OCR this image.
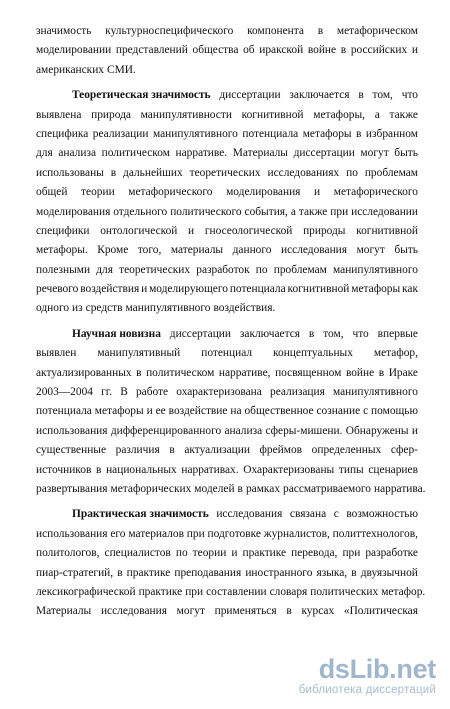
значимость культурноспецифического компонента в метафорическом
моделировании представлений общества об иракской войне в российских и
американских СМИ.
Теоретическая значимость диссертации заключается в том, что
выявлена природа манипулятивности когнитивной метафоры, а также
специфика реализации манипулятивного потенциала метафоры в избранном
для анализа политическом нарративе. Материалы диссертации могут быть
использованы в дальнейших теоретических исследованиях по проблемам
общей теории метафорического моделирования и метафорического
моделирования отдельного политического события, а также при исследовании
специфики онтологической и гносеологической природы когнитивной
метафоры. Кроме того, материалы данного исследования могут быть
полезными для теоретических разработок по проблемам манипулятивного
речевого воздействия и моделирующего потенциала когнитивной метафоры как
одного из средств манипулятивного воздействия.
Научная новизна диссертации заключается в том, что впервые
выявлен манипулятивный потенциал концептуальных метафор,
актуализированных в политическом нарративе, посвященном войне в Ираке
2003—2004 гг. В работе охарактеризована реализация манипулятивного
потенциала метафоры и ее воздействие на общественное сознание с помощью
использования дифференцированного анализа сферы-мишени. Обнаружены и
существенные различия в актуализации фреймов определенных сфер-
источников в национальных нарративах. Охарактеризованы типы сценариев
развертывания метафорических моделей в рамках рассматриваемого нарратива.
Практическая значимость исследования связана с возможностью
использования его материалов при подготовке журналистов, политтехнологов,
политологов, специалистов по теории и практике перевода, при разработке
пиар-стратегий, в практике преподавания иностранного языка, в двуязычной
лексикографической практике при составлении словаря политических метафор.
Материалы исследования могут применяться в курсах «Политическая
dsLib.net
библиотека диссертаций
